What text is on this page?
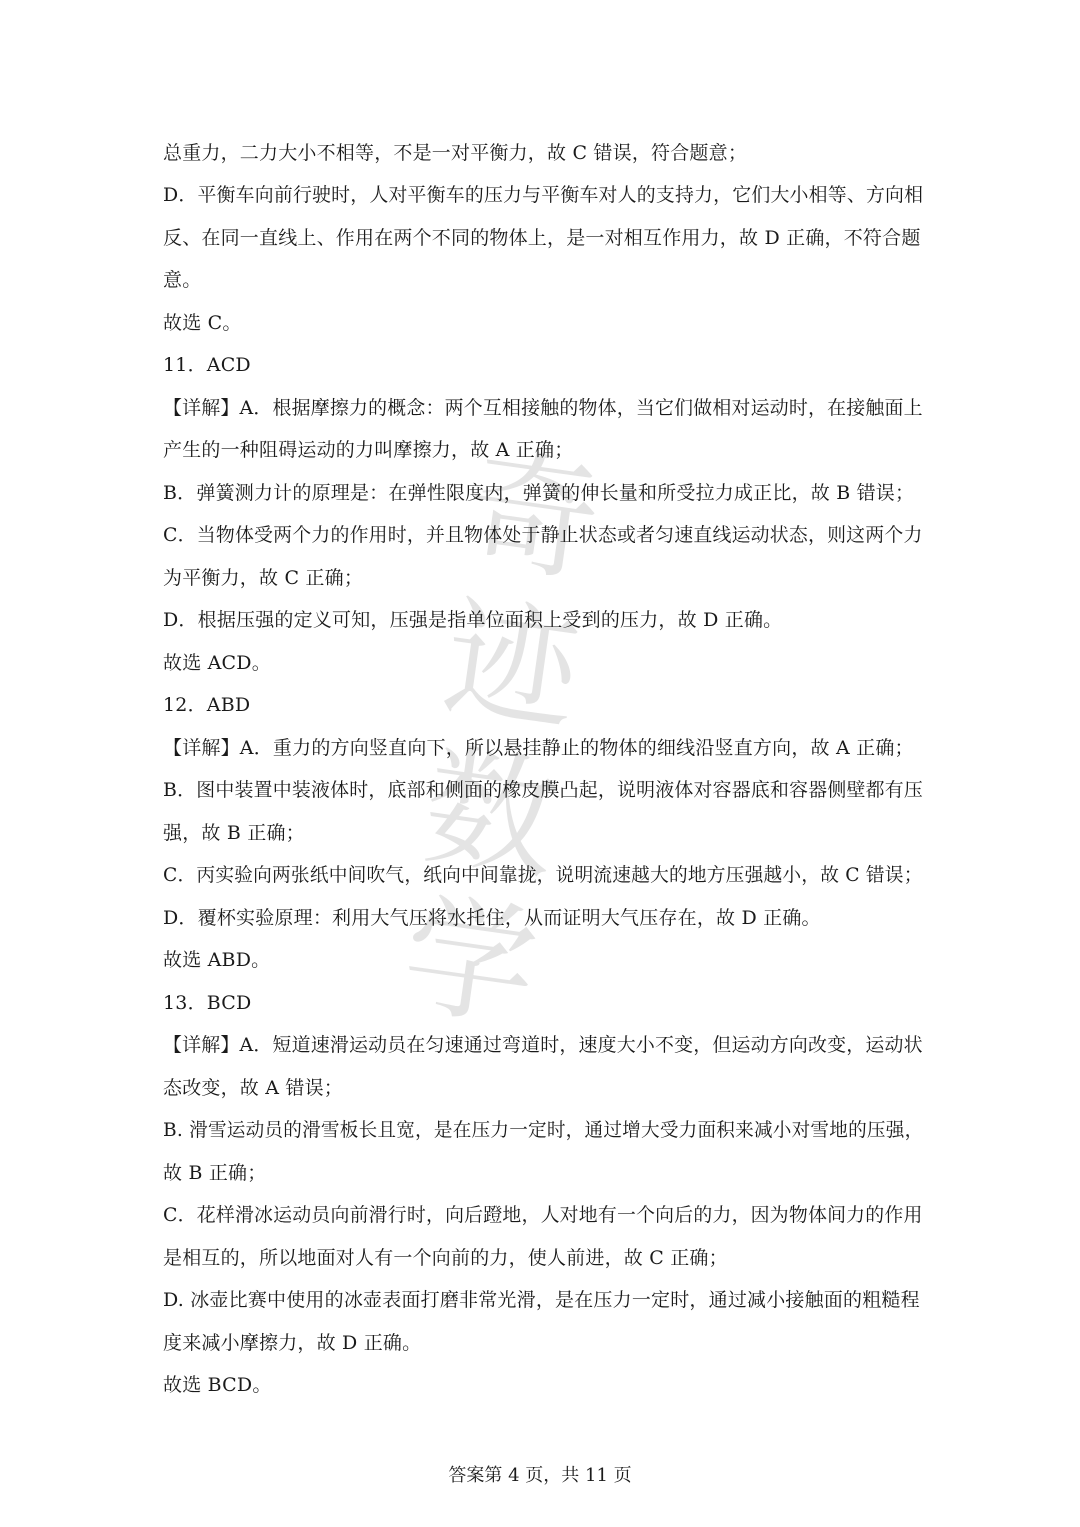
奇
迹
数
学
总重力，二力大小不相等，不是一对平衡力，故 C 错误，符合题意；
D．平衡车向前行驶时，人对平衡车的压力与平衡车对人的支持力，它们大小相等、方向相
反、在同一直线上、作用在两个不同的物体上，是一对相互作用力，故 D 正确，不符合题
意。
故选 C。
11．ACD
【详解】A．根据摩擦力的概念：两个互相接触的物体，当它们做相对运动时，在接触面上
产生的一种阻碍运动的力叫摩擦力，故 A 正确；
B．弹簧测力计的原理是：在弹性限度内，弹簧的伸长量和所受拉力成正比，故 B 错误；
C．当物体受两个力的作用时，并且物体处于静止状态或者匀速直线运动状态，则这两个力
为平衡力，故 C 正确；
D．根据压强的定义可知，压强是指单位面积上受到的压力，故 D 正确。
故选 ACD。
12．ABD
【详解】A．重力的方向竖直向下，所以悬挂静止的物体的细线沿竖直方向，故 A 正确；
B．图中装置中装液体时，底部和侧面的橡皮膜凸起，说明液体对容器底和容器侧壁都有压
强，故 B 正确；
C．丙实验向两张纸中间吹气，纸向中间靠拢，说明流速越大的地方压强越小，故 C 错误；
D．覆杯实验原理：利用大气压将水托住，从而证明大气压存在，故 D 正确。
故选 ABD。
13．BCD
【详解】A．短道速滑运动员在匀速通过弯道时，速度大小不变，但运动方向改变，运动状
态改变，故 A 错误；
B. 滑雪运动员的滑雪板长且宽，是在压力一定时，通过增大受力面积来减小对雪地的压强，
故 B 正确；
C．花样滑冰运动员向前滑行时，向后蹬地，人对地有一个向后的力，因为物体间力的作用
是相互的，所以地面对人有一个向前的力，使人前进，故 C 正确；
D. 冰壶比赛中使用的冰壶表面打磨非常光滑，是在压力一定时，通过减小接触面的粗糙程
度来减小摩擦力，故 D 正确。
故选 BCD。
答案第 4 页，共 11 页
